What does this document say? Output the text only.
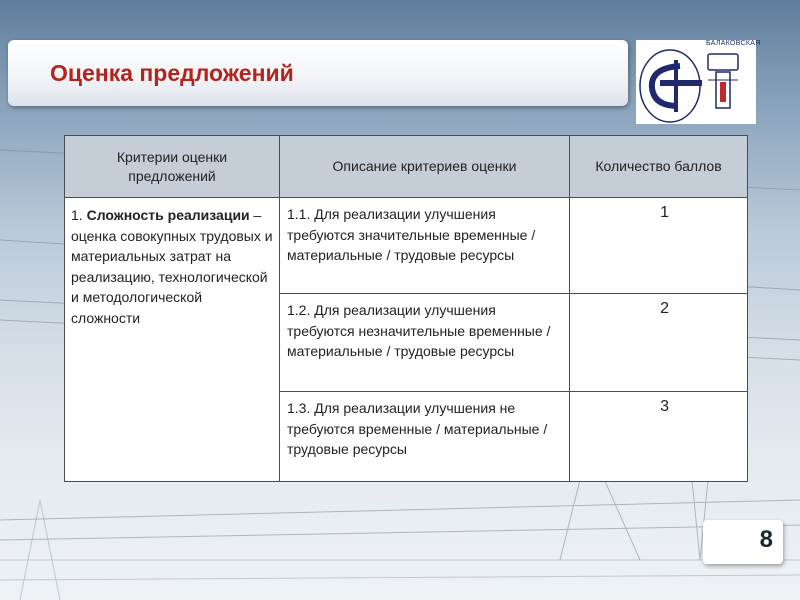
Оценка предложений
БАЛАКОВСКАЯ
Критерии оценки предложений	Описание критериев оценки	Количество баллов
1. Сложность реализации – оценка совокупных трудовых и материальных затрат на реализацию, технологической и методологической сложности	1.1. Для реализации улучшения требуются значительные временные / материальные / трудовые ресурсы	1
	1.2. Для реализации улучшения требуются незначительные временные / материальные / трудовые ресурсы	2
	1.3. Для реализации улучшения не требуются временные / материальные / трудовые ресурсы	3
8
